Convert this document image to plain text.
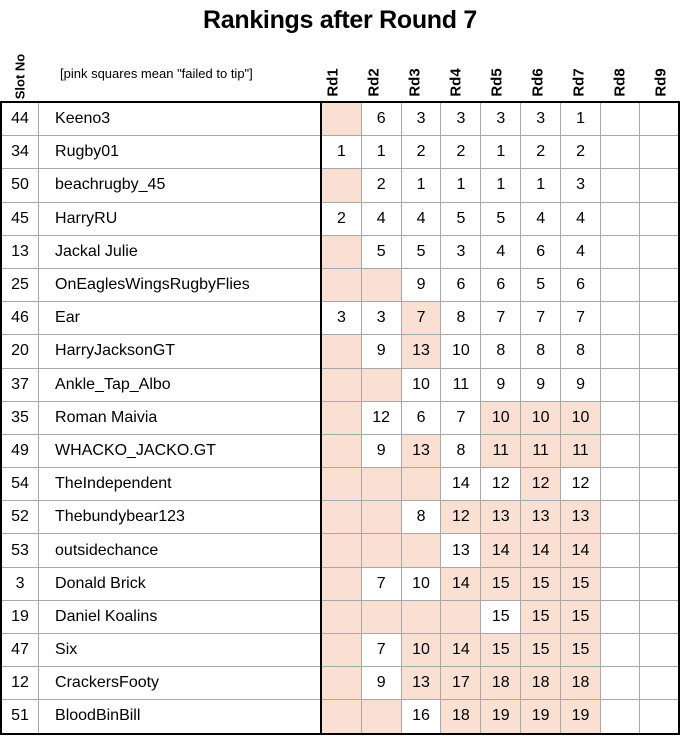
Rankings after Round 7
Slot No	[pink squares mean "failed to tip"]	Rd1 Rd2 Rd3 Rd4 Rd5 Rd6 Rd7 Rd8 Rd9
44	Keeno3		6	3	3	3	3	1		
34	Rugby01	1	1	2	2	1	2	2		
50	beachrugby_45		2	1	1	1	1	3		
45	HarryRU	2	4	4	5	5	4	4		
13	Jackal Julie		5	5	3	4	6	4		
25	OnEaglesWingsRugbyFlies			9	6	6	5	6		
46	Ear	3	3	7	8	7	7	7		
20	HarryJacksonGT		9	13	10	8	8	8		
37	Ankle_Tap_Albo			10	11	9	9	9		
35	Roman Maivia		12	6	7	10	10	10		
49	WHACKO_JACKO.GT		9	13	8	11	11	11		
54	TheIndependent				14	12	12	12		
52	Thebundybear123			8	12	13	13	13		
53	outsidechance				13	14	14	14		
3	Donald Brick		7	10	14	15	15	15		
19	Daniel Koalins					15	15	15		
47	Six		7	10	14	15	15	15		
12	CrackersFooty		9	13	17	18	18	18		
51	BloodBinBill			16	18	19	19	19		
